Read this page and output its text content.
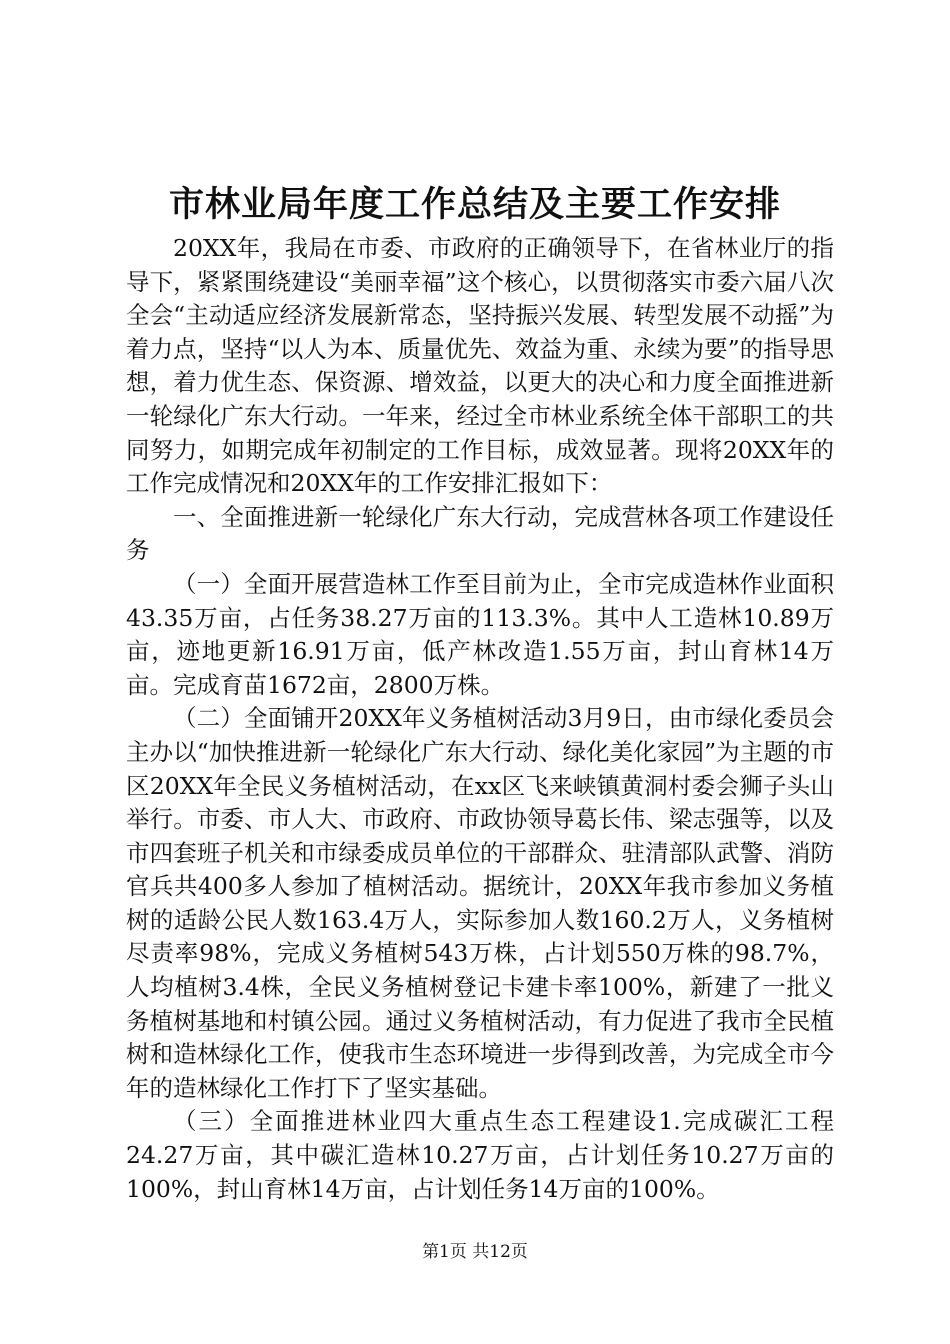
市林业局年度工作总结及主要工作安排

20XX年，我局在市委、市政府的正确领导下，在省林业厅的指导下，紧紧围绕建设“美丽幸福”这个核心，以贯彻落实市委六届八次全会“主动适应经济发展新常态，坚持振兴发展、转型发展不动摇”为着力点，坚持“以人为本、质量优先、效益为重、永续为要”的指导思想，着力优生态、保资源、增效益，以更大的决心和力度全面推进新一轮绿化广东大行动。一年来，经过全市林业系统全体干部职工的共同努力，如期完成年初制定的工作目标，成效显著。现将20XX年的工作完成情况和20XX年的工作安排汇报如下：

一、全面推进新一轮绿化广东大行动，完成营林各项工作建设任务

（一）全面开展营造林工作至目前为止，全市完成造林作业面积43.35万亩，占任务38.27万亩的113.3%。其中人工造林10.89万亩，迹地更新16.91万亩，低产林改造1.55万亩，封山育林14万亩。完成育苗1672亩，2800万株。

（二）全面铺开20XX年义务植树活动3月9日，由市绿化委员会主办以“加快推进新一轮绿化广东大行动、绿化美化家园”为主题的市区20XX年全民义务植树活动，在xx区飞来峡镇黄洞村委会狮子头山举行。市委、市人大、市政府、市政协领导葛长伟、梁志强等，以及市四套班子机关和市绿委成员单位的干部群众、驻清部队武警、消防官兵共400多人参加了植树活动。据统计，20XX年我市参加义务植树的适龄公民人数163.4万人，实际参加人数160.2万人，义务植树尽责率98%，完成义务植树543万株，占计划550万株的98.7%，人均植树3.4株，全民义务植树登记卡建卡率100%，新建了一批义务植树基地和村镇公园。通过义务植树活动，有力促进了我市全民植树和造林绿化工作，使我市生态环境进一步得到改善，为完成全市今年的造林绿化工作打下了坚实基础。

（三）全面推进林业四大重点生态工程建设1.完成碳汇工程24.27万亩，其中碳汇造林10.27万亩，占计划任务10.27万亩的100%，封山育林14万亩，占计划任务14万亩的100%。

第1页 共12页
